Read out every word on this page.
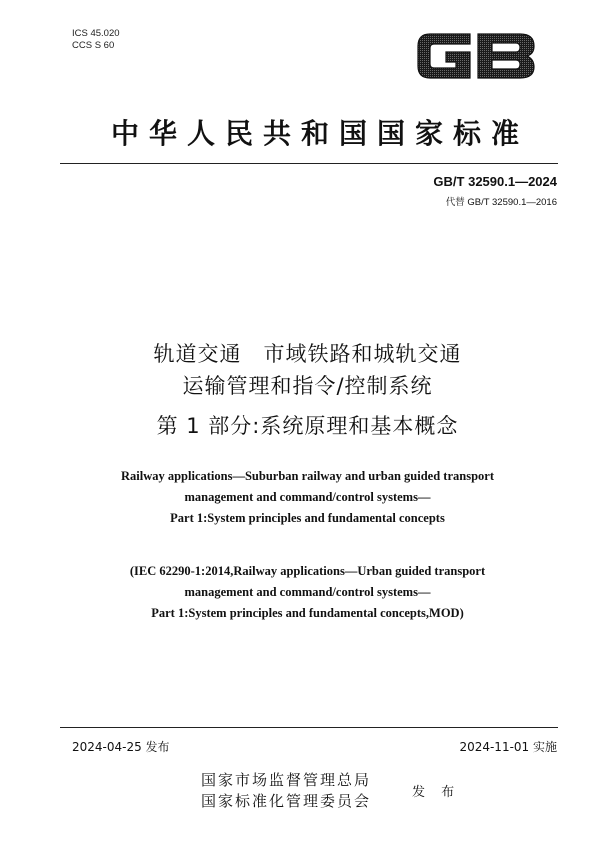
ICS 45.020
CCS S 60
中华人民共和国国家标准
GB/T 32590.1—2024
代替 GB/T 32590.1—2016
轨道交通　市域铁路和城轨交通
运输管理和指令/控制系统
第 1 部分:系统原理和基本概念
Railway applications—Suburban railway and urban guided transport
management and command/control systems—
Part 1:System principles and fundamental concepts
(IEC 62290-1:2014,Railway applications—Urban guided transport
management and command/control systems—
Part 1:System principles and fundamental concepts,MOD)
2024-04-25 发布	2024-11-01 实施
国家市场监督管理总局
国家标准化管理委员会	发 布
